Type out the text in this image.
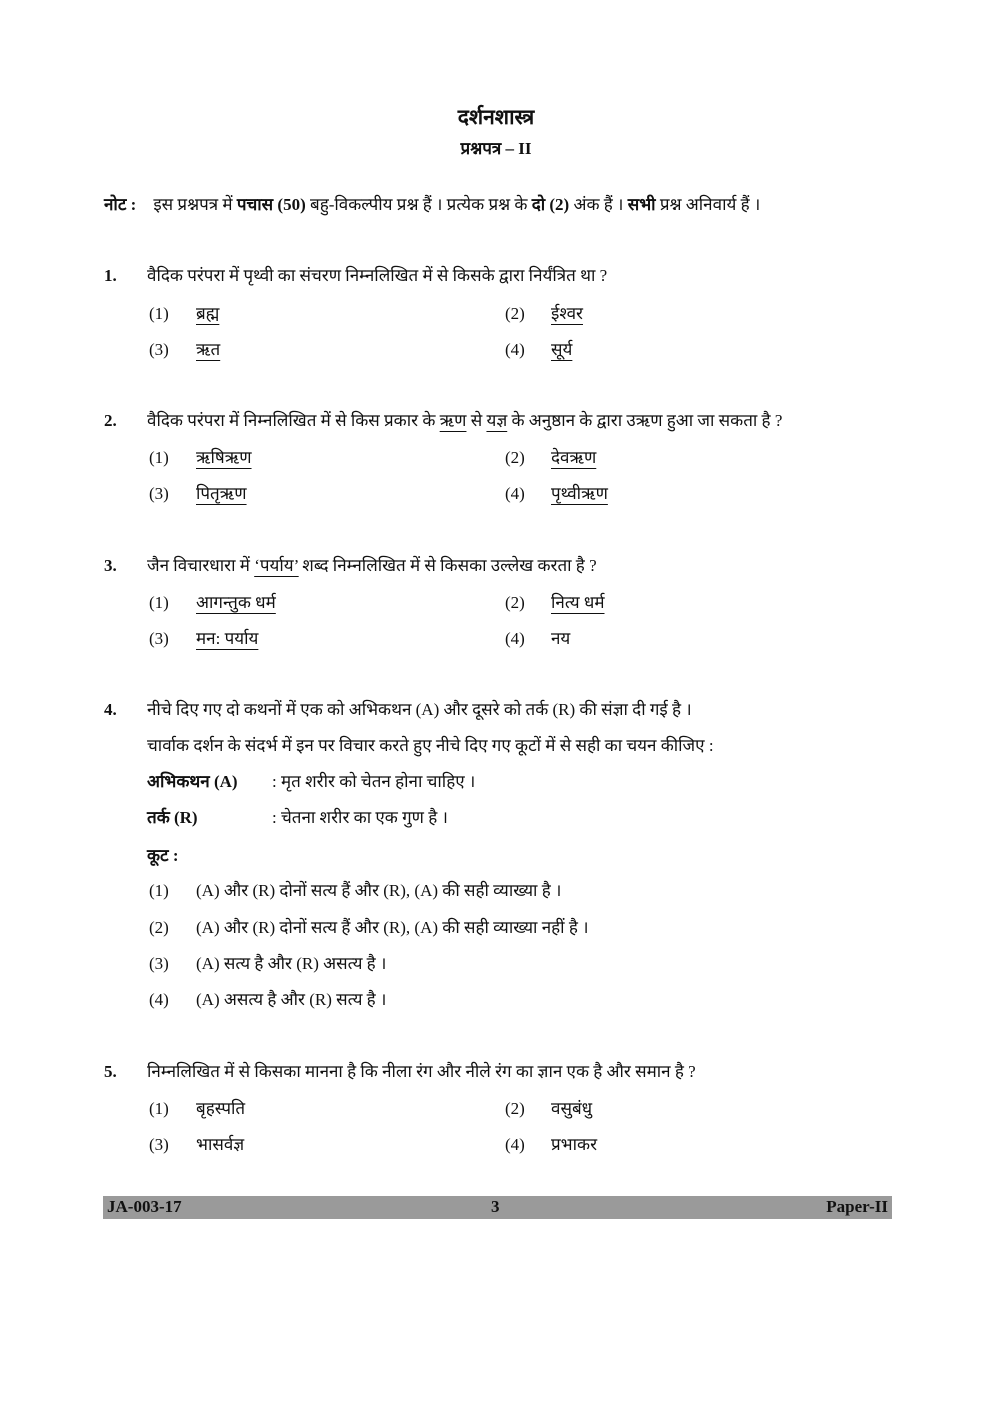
दर्शनशास्त्र
प्रश्नपत्र – II
नोट : इस प्रश्नपत्र में पचास (50) बहु-विकल्पीय प्रश्न हैं । प्रत्येक प्रश्न के दो (2) अंक हैं । सभी प्रश्न अनिवार्य हैं ।
1. वैदिक परंपरा में पृथ्वी का संचरण निम्नलिखित में से किसके द्वारा निर्यंत्रित था ?
(1) ब्रह्म	(2) ईश्वर
(3) ऋत	(4) सूर्य
2. वैदिक परंपरा में निम्नलिखित में से किस प्रकार के ऋण से यज्ञ के अनुष्ठान के द्वारा उऋण हुआ जा सकता है ?
(1) ऋषिऋण	(2) देवऋण
(3) पितृऋण	(4) पृथ्वीऋण
3. जैन विचारधारा में ‘पर्याय’ शब्द निम्नलिखित में से किसका उल्लेख करता है ?
(1) आगन्तुक धर्म	(2) नित्य धर्म
(3) मन: पर्याय	(4) नय
4. नीचे दिए गए दो कथनों में एक को अभिकथन (A) और दूसरे को तर्क (R) की संज्ञा दी गई है ।
चार्वाक दर्शन के संदर्भ में इन पर विचार करते हुए नीचे दिए गए कूटों में से सही का चयन कीजिए :
अभिकथन (A) : मृत शरीर को चेतन होना चाहिए ।
तर्क (R)	: चेतना शरीर का एक गुण है ।
कूट :
(1) (A) और (R) दोनों सत्य हैं और (R), (A) की सही व्याख्या है ।
(2) (A) और (R) दोनों सत्य हैं और (R), (A) की सही व्याख्या नहीं है ।
(3) (A) सत्य है और (R) असत्य है ।
(4) (A) असत्य है और (R) सत्य है ।
5. निम्नलिखित में से किसका मानना है कि नीला रंग और नीले रंग का ज्ञान एक है और समान है ?
(1) बृहस्पति	(2) वसुबंधु
(3) भासर्वज्ञ	(4) प्रभाकर
JA-003-17	3	Paper-II
